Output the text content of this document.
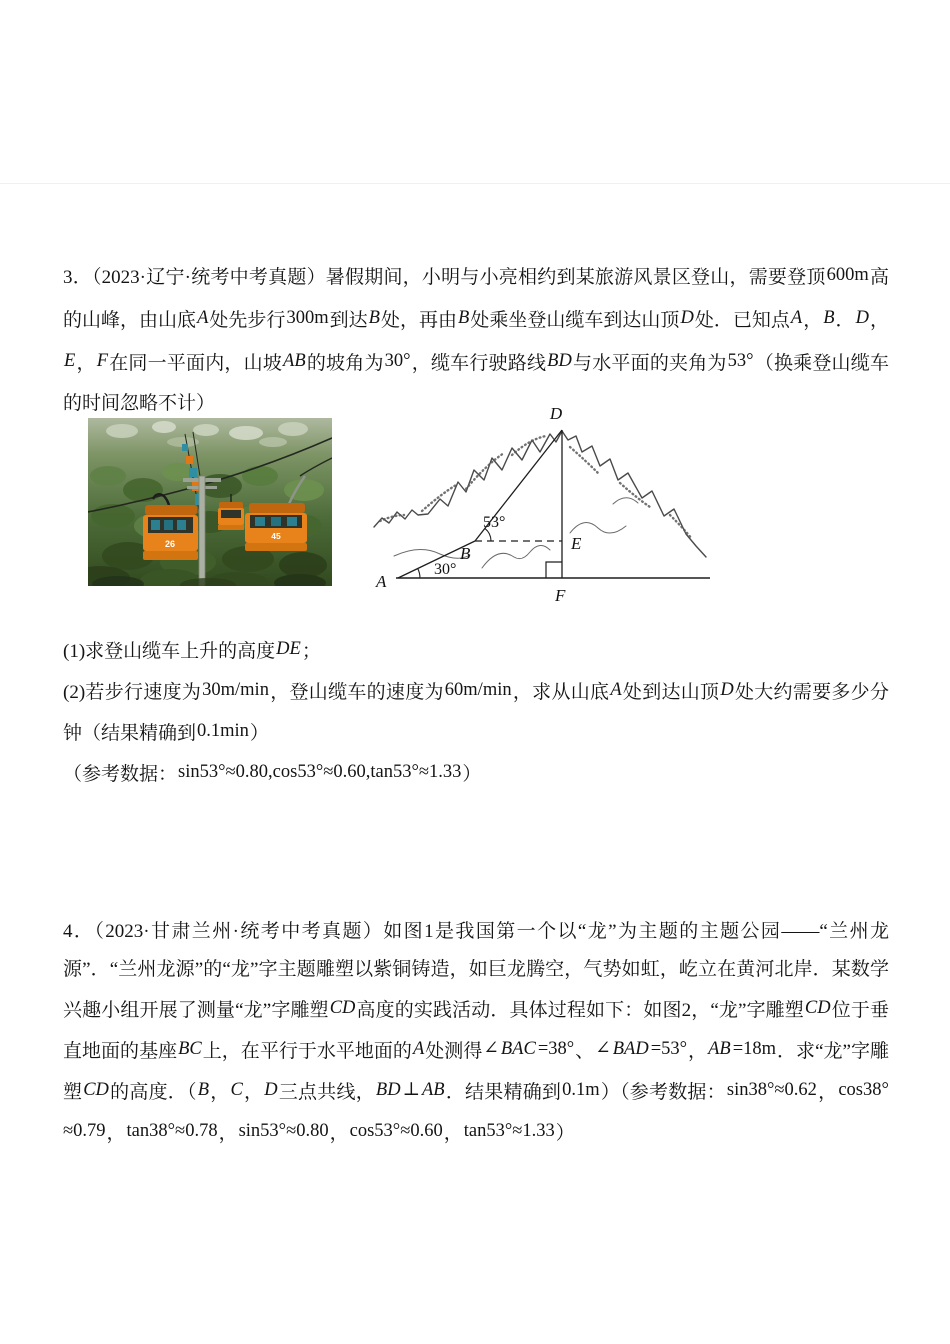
3．（2023·辽宁·统考中考真题）暑假期间，小明与小亮相约到某旅游风景区登山，需要登顶600m高的山峰，由山底A处先步行300m到达B处，再由B处乘坐登山缆车到达山顶D处．已知点A，B．D，E，F在同一平面内，山坡AB的坡角为30°，缆车行驶路线BD与水平面的夹角为53°（换乘登山缆车的时间忽略不计）
45
26
D
A
B
E
F
30°
53°

(1)求登山缆车上升的高度DE；

(2)若步行速度为30m/min，登山缆车的速度为60m/min，求从山底A处到达山顶D处大约需要多少分钟（结果精确到0.1min）

（参考数据：sin53°≈0.80,cos53°≈0.60,tan53°≈1.33）

4．（2023·甘肃兰州·统考中考真题）如图1是我国第一个以“龙”为主题的主题公园——“兰州龙源”．“兰州龙源”的“龙”字主题雕塑以紫铜铸造，如巨龙腾空，气势如虹，屹立在黄河北岸．某数学兴趣小组开展了测量“龙”字雕塑CD高度的实践活动．具体过程如下：如图2，“龙”字雕塑CD位于垂直地面的基座BC上，在平行于水平地面的A处测得∠ BAC =38°、∠ BAD =53°，AB =18m．求“龙”字雕塑CD的高度．（B，C，D三点共线，BD ⊥ AB．结果精确到0.1m）（参考数据：sin38°≈0.62，cos38°≈0.79，tan38°≈0.78，sin53°≈0.80，cos53°≈0.60，tan53°≈1.33）
